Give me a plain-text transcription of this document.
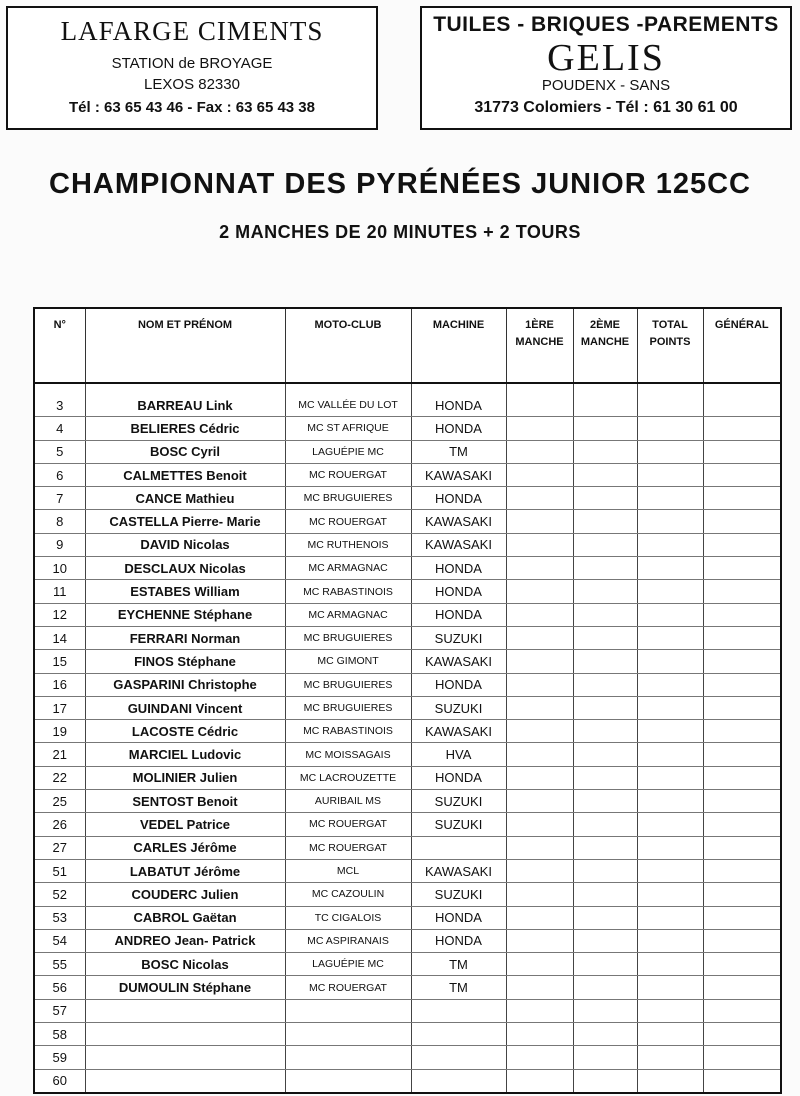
LAFARGE CIMENTS
STATION de BROYAGE
LEXOS 82330
Tél : 63 65 43 46 - Fax : 63 65 43 38
TUILES - BRIQUES -PAREMENTS
GELIS
POUDENX - SANS
31773 Colomiers - Tél : 61 30 61 00
CHAMPIONNAT DES PYRÉNÉES JUNIOR 125CC
2 MANCHES DE 20 MINUTES + 2 TOURS
N°	NOM ET PRÉNOM	MOTO-CLUB	MACHINE	1ÈRE MANCHE	2ÈME MANCHE	TOTAL POINTS	GÉNÉRAL

3	BARREAU Link	MC VALLÉE DU LOT	HONDA				
4	BELIERES Cédric	MC ST AFRIQUE	HONDA				
5	BOSC Cyril	LAGUÉPIE MC	TM				
6	CALMETTES Benoit	MC ROUERGAT	KAWASAKI				
7	CANCE Mathieu	MC BRUGUIERES	HONDA				
8	CASTELLA Pierre- Marie	MC ROUERGAT	KAWASAKI				
9	DAVID Nicolas	MC RUTHENOIS	KAWASAKI				
10	DESCLAUX Nicolas	MC ARMAGNAC	HONDA				
11	ESTABES William	MC RABASTINOIS	HONDA				
12	EYCHENNE Stéphane	MC ARMAGNAC	HONDA				
14	FERRARI Norman	MC BRUGUIERES	SUZUKI				
15	FINOS Stéphane	MC GIMONT	KAWASAKI				
16	GASPARINI Christophe	MC BRUGUIERES	HONDA				
17	GUINDANI Vincent	MC BRUGUIERES	SUZUKI				
19	LACOSTE Cédric	MC RABASTINOIS	KAWASAKI				
21	MARCIEL Ludovic	MC MOISSAGAIS	HVA				
22	MOLINIER Julien	MC LACROUZETTE	HONDA				
25	SENTOST Benoit	AURIBAIL MS	SUZUKI				
26	VEDEL Patrice	MC ROUERGAT	SUZUKI				
27	CARLES Jérôme	MC ROUERGAT					
51	LABATUT Jérôme	MCL	KAWASAKI				
52	COUDERC Julien	MC CAZOULIN	SUZUKI				
53	CABROL Gaëtan	TC CIGALOIS	HONDA				
54	ANDREO Jean- Patrick	MC ASPIRANAIS	HONDA				
55	BOSC Nicolas	LAGUÉPIE MC	TM				
56	DUMOULIN Stéphane	MC ROUERGAT	TM				
57							
58							
59							
60							
